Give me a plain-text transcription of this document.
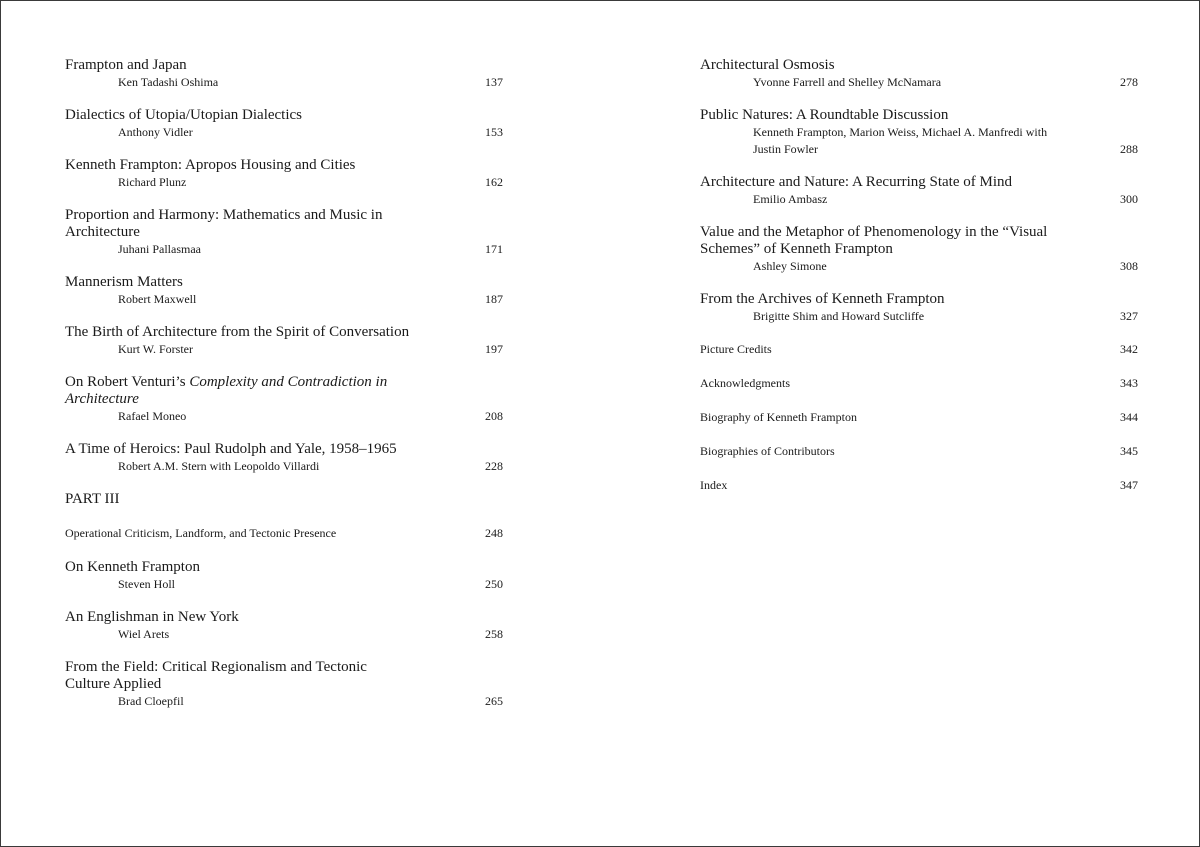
Frampton and Japan

Ken Tadashi Oshima	137

Dialectics of Utopia/Utopian Dialectics

Anthony Vidler	153

Kenneth Frampton: Apropos Housing and Cities

Richard Plunz	162

Proportion and Harmony: Mathematics and Music in Architecture

Juhani Pallasmaa	171

Mannerism Matters

Robert Maxwell	187

The Birth of Architecture from the Spirit of Conversation

Kurt W. Forster	197

On Robert Venturi’s Complexity and Contradiction in Architecture

Rafael Moneo	208

A Time of Heroics: Paul Rudolph and Yale, 1958–1965

Robert A.M. Stern with Leopoldo Villardi	228
PART III
Operational Criticism, Landform, and Tectonic Presence	248

On Kenneth Frampton

Steven Holl	250

An Englishman in New York

Wiel Arets	258

From the Field: Critical Regionalism and Tectonic Culture Applied

Brad Cloepfil	265

Architectural Osmosis

Yvonne Farrell and Shelley McNamara	278

Public Natures: A Roundtable Discussion

Kenneth Frampton, Marion Weiss, Michael A. Manfredi with Justin Fowler	288

Architecture and Nature: A Recurring State of Mind

Emilio Ambasz	300

Value and the Metaphor of Phenomenology in the “Visual Schemes” of Kenneth Frampton

Ashley Simone	308

From the Archives of Kenneth Frampton

Brigitte Shim and Howard Sutcliffe	327
Picture Credits	342
Acknowledgments	343
Biography of Kenneth Frampton	344
Biographies of Contributors	345
Index	347
